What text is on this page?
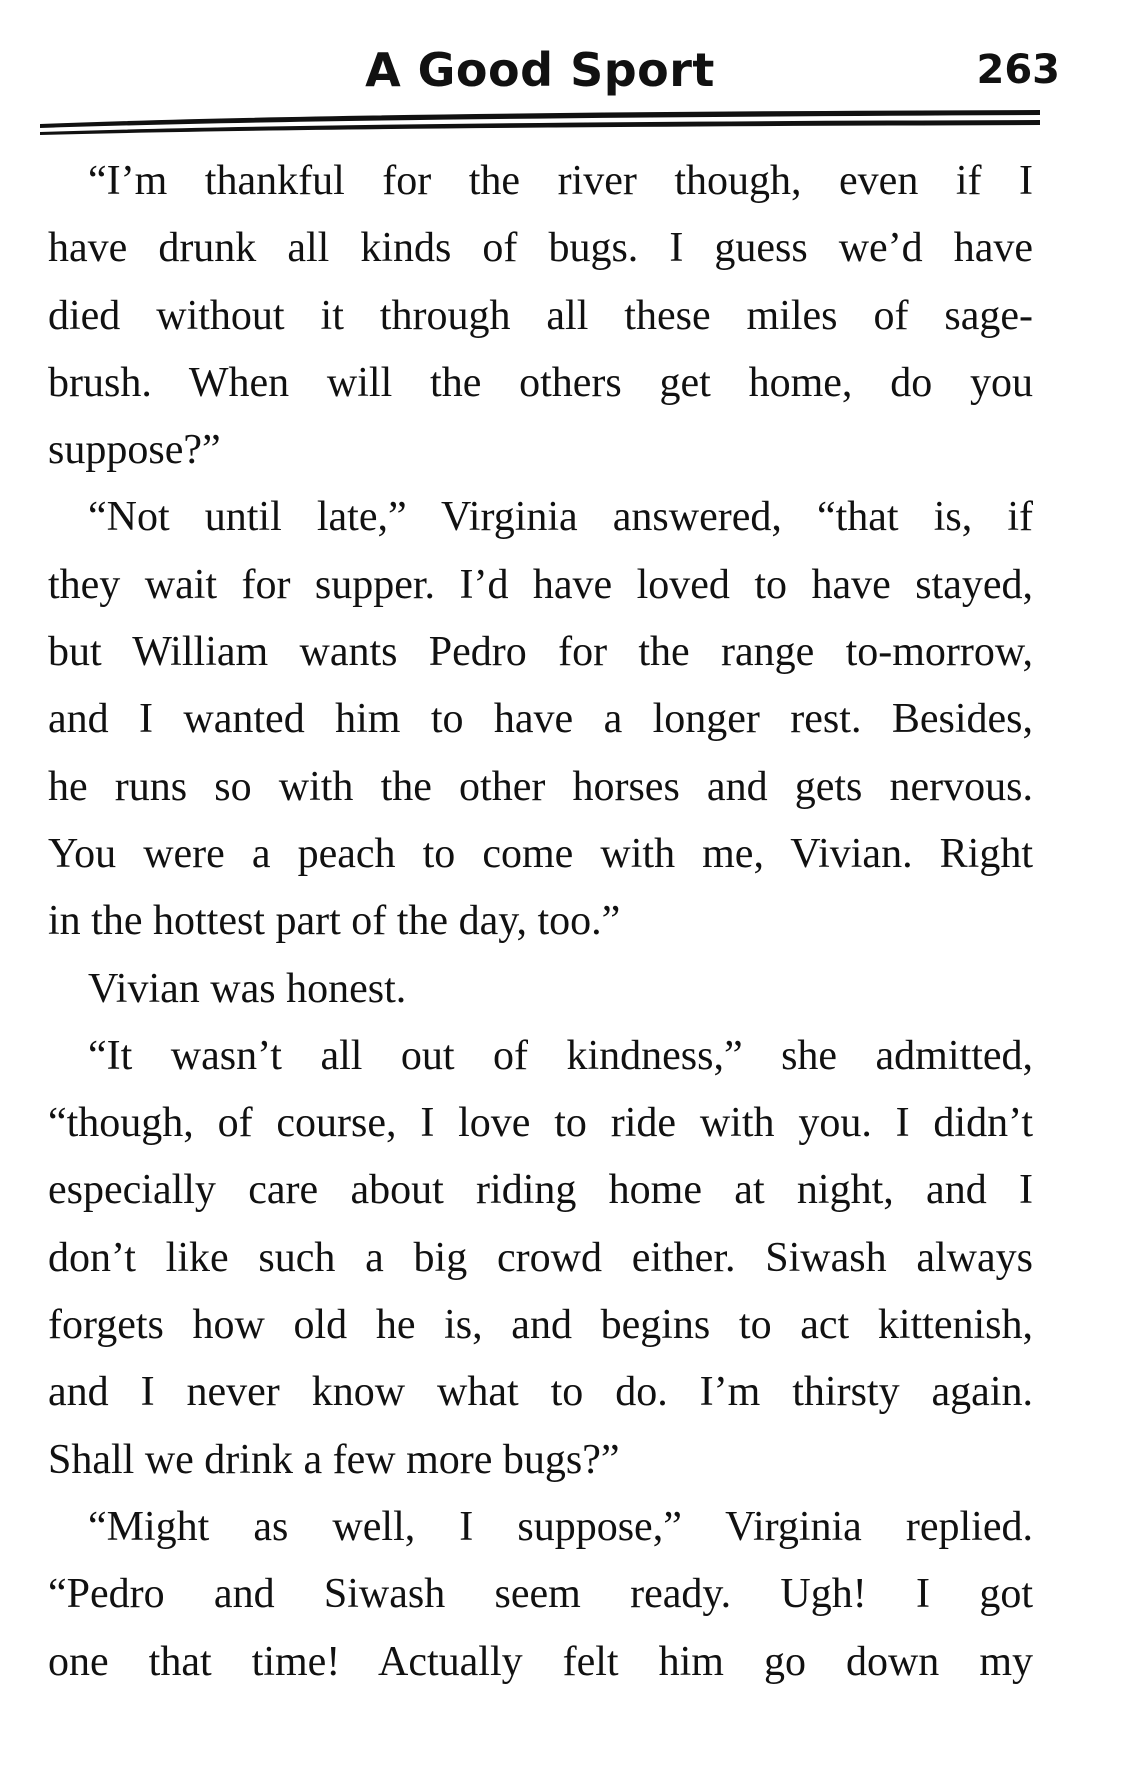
A Good Sport	263
“I’m thankful for the river though, even if I
have drunk all kinds of bugs. I guess we’d have
died without it through all these miles of sage-
brush. When will the others get home, do you
suppose?”
“Not until late,” Virginia answered, “that is, if
they wait for supper. I’d have loved to have stayed,
but William wants Pedro for the range to-morrow,
and I wanted him to have a longer rest. Besides,
he runs so with the other horses and gets nervous.
You were a peach to come with me, Vivian. Right
in the hottest part of the day, too.”
Vivian was honest.
“It wasn’t all out of kindness,” she admitted,
“though, of course, I love to ride with you. I didn’t
especially care about riding home at night, and I
don’t like such a big crowd either. Siwash always
forgets how old he is, and begins to act kittenish,
and I never know what to do. I’m thirsty again.
Shall we drink a few more bugs?”
“Might as well, I suppose,” Virginia replied.
“Pedro and Siwash seem ready. Ugh! I got
one that time! Actually felt him go down my
